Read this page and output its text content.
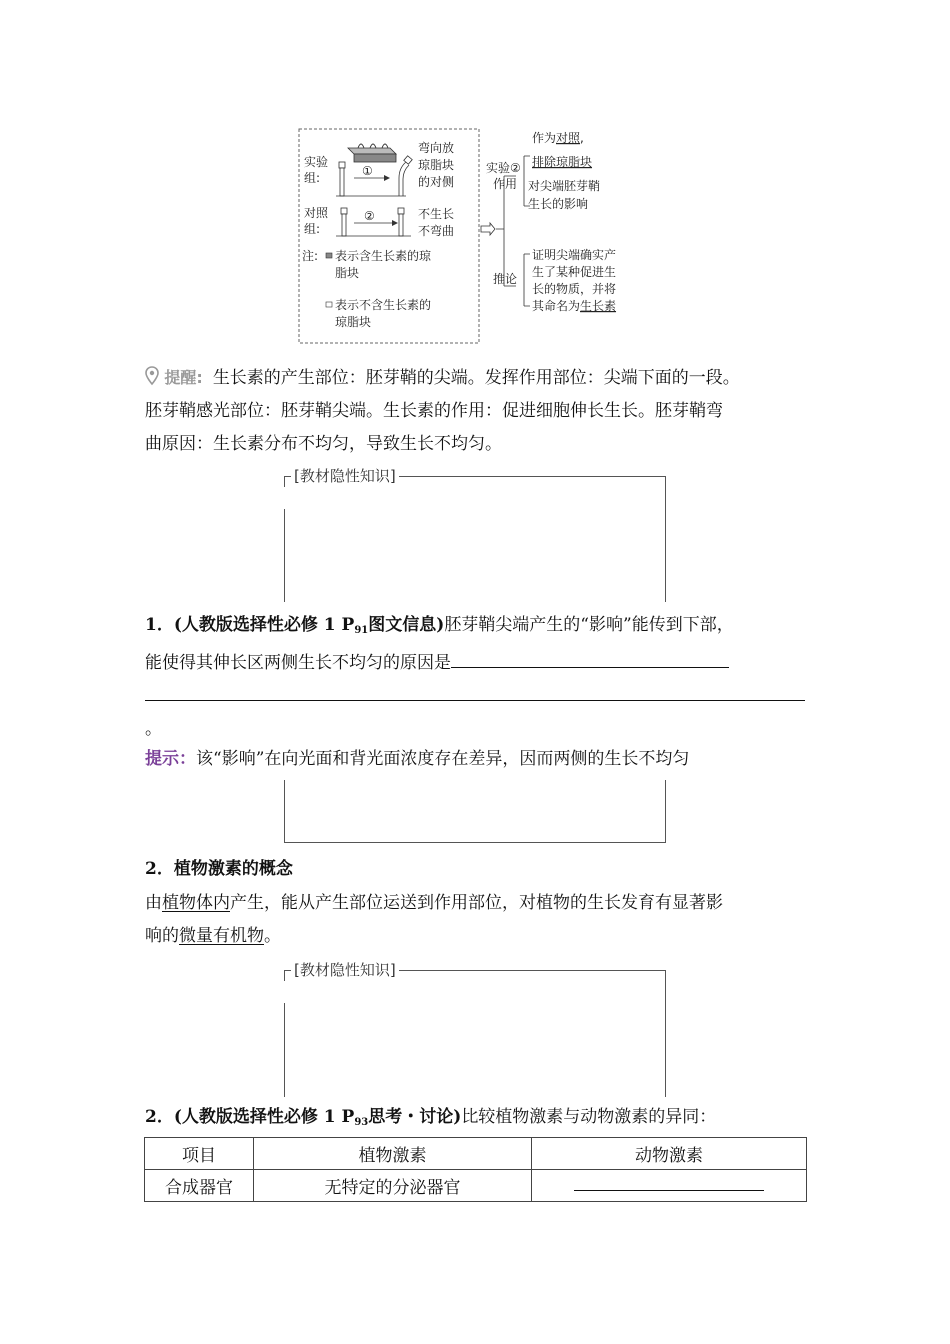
实验
组:	①
弯向放
琼脂块
的对侧
对照
组:
②	不生长
不弯曲
注: 表示含生长素的琼
脂块
表示不含生长素的
琼脂块
实验②
作用
推论
作为对照,
排除琼脂块
对尖端胚芽鞘
生长的影响
证明尖端确实产
生了某种促进生
长的物质，并将
其命名为生长素
提醒: 生长素的产生部位：胚芽鞘的尖端。发挥作用部位：尖端下面的一段。
胚芽鞘感光部位：胚芽鞘尖端。生长素的作用：促进细胞伸长生长。胚芽鞘弯
曲原因：生长素分布不均匀，导致生长不均匀。
[教材隐性知识]
1．(人教版选择性必修 1 $P_{91}$图文信息)胚芽鞘尖端产生的“影响”能传到下部，
能使得其伸长区两侧生长不均匀的原因是
。
提示：该“影响”在向光面和背光面浓度存在差异，因而两侧的生长不均匀
2．植物激素的概念
由植物体内产生，能从产生部位运送到作用部位，对植物的生长发育有显著影
响的微量有机物。
[教材隐性知识]
2．(人教版选择性必修 1 $P_{93}$思考・讨论)比较植物激素与动物激素的异同：
项目	植物激素	动物激素
合成器官	无特定的分泌器官	
